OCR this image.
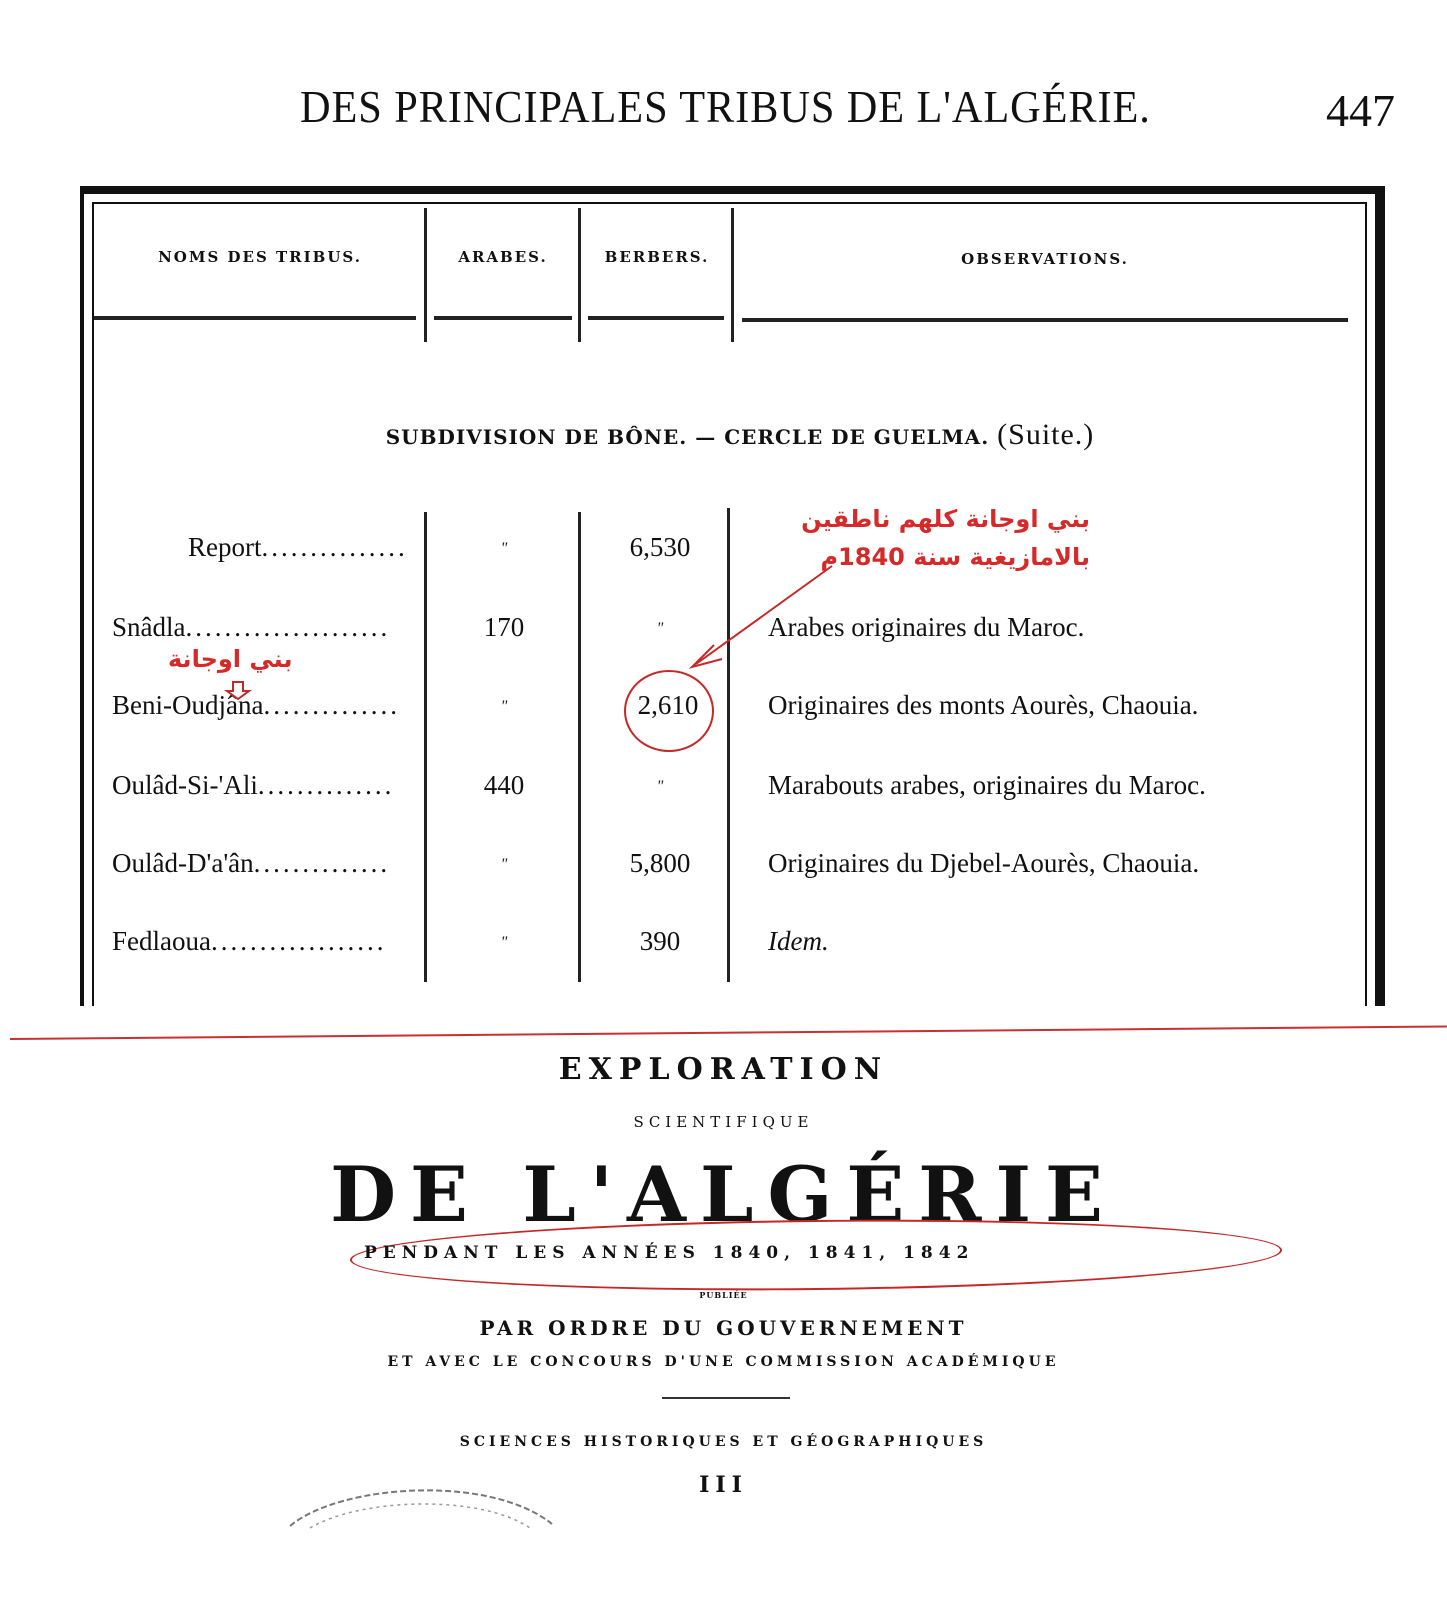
DES PRINCIPALES TRIBUS DE L'ALGÉRIE.	447
NOMS DES TRIBUS.	ARABES.	BERBERS.	OBSERVATIONS.
SUBDIVISION DE BÔNE. — CERCLE DE GUELMA. (Suite.)
Report...............	"	6,530
Snâdla.....................	170	"	Arabes originaires du Maroc.
Beni-Oudjâna..............	"	2,610	Originaires des monts Aourès, Chaouia.
Oulâd-Si-'Ali..............	440	"	Marabouts arabes, originaires du Maroc.
Oulâd-D'a'ân..............	"	5,800	Originaires du Djebel-Aourès, Chaouia.
Fedlaoua..................	"	390	Idem.
بني اوجانة كلهم ناطقين
بالامازيغية سنة 1840م
بني اوجانة
EXPLORATION
SCIENTIFIQUE
DE L'ALGÉRIE
PENDANT LES ANNÉES 1840, 1841, 1842
PUBLIÉE
PAR ORDRE DU GOUVERNEMENT
ET AVEC LE CONCOURS D'UNE COMMISSION ACADÉMIQUE
SCIENCES HISTORIQUES ET GÉOGRAPHIQUES
III
